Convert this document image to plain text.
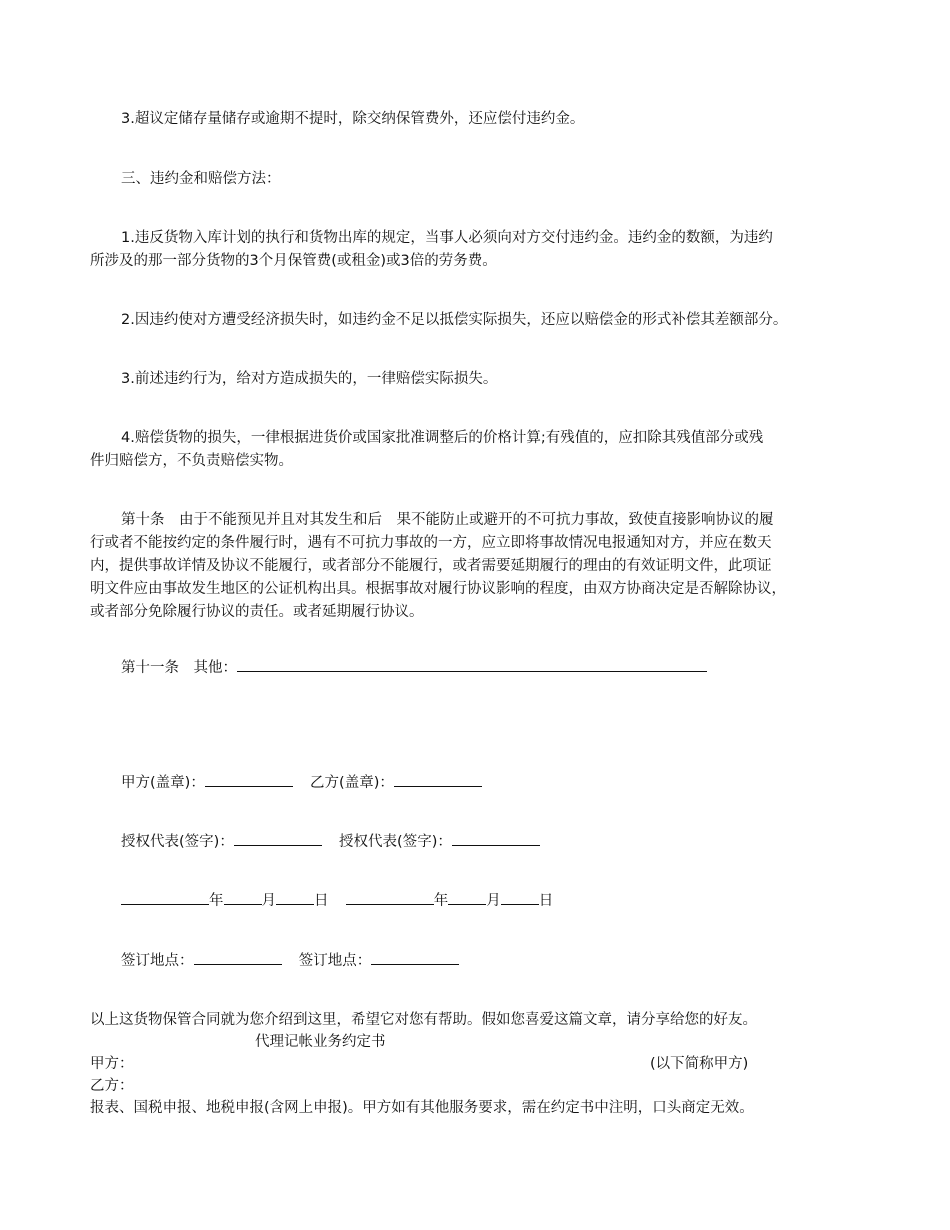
3.超议定储存量储存或逾期不提时，除交纳保管费外，还应偿付违约金。
三、违约金和赔偿方法：
1.违反货物入库计划的执行和货物出库的规定，当事人必须向对方交付违约金。违约金的数额，为违约
所涉及的那一部分货物的3个月保管费(或租金)或3倍的劳务费。
2.因违约使对方遭受经济损失时，如违约金不足以抵偿实际损失，还应以赔偿金的形式补偿其差额部分。
3.前述违约行为，给对方造成损失的，一律赔偿实际损失。
4.赔偿货物的损失，一律根据进货价或国家批准调整后的价格计算;有残值的，应扣除其残值部分或残
件归赔偿方，不负责赔偿实物。
第十条　由于不能预见并且对其发生和后　果不能防止或避开的不可抗力事故，致使直接影响协议的履
行或者不能按约定的条件履行时，遇有不可抗力事故的一方，应立即将事故情况电报通知对方，并应在数天
内，提供事故详情及协议不能履行，或者部分不能履行，或者需要延期履行的理由的有效证明文件，此项证
明文件应由事故发生地区的公证机构出具。根据事故对履行协议影响的程度，由双方协商决定是否解除协议，
或者部分免除履行协议的责任。或者延期履行协议。
第十一条　其他：
甲方(盖章)：	乙方(盖章)：
授权代表(签字)：	授权代表(签字)：
年	月	日	年	月	日
签订地点：	签订地点：
以上这货物保管合同就为您介绍到这里，希望它对您有帮助。假如您喜爱这篇文章，请分享给您的好友。
代理记帐业务约定书
甲方：	(以下简称甲方)
乙方：
报表、国税申报、地税申报(含网上申报)。甲方如有其他服务要求，需在约定书中注明，口头商定无效。
